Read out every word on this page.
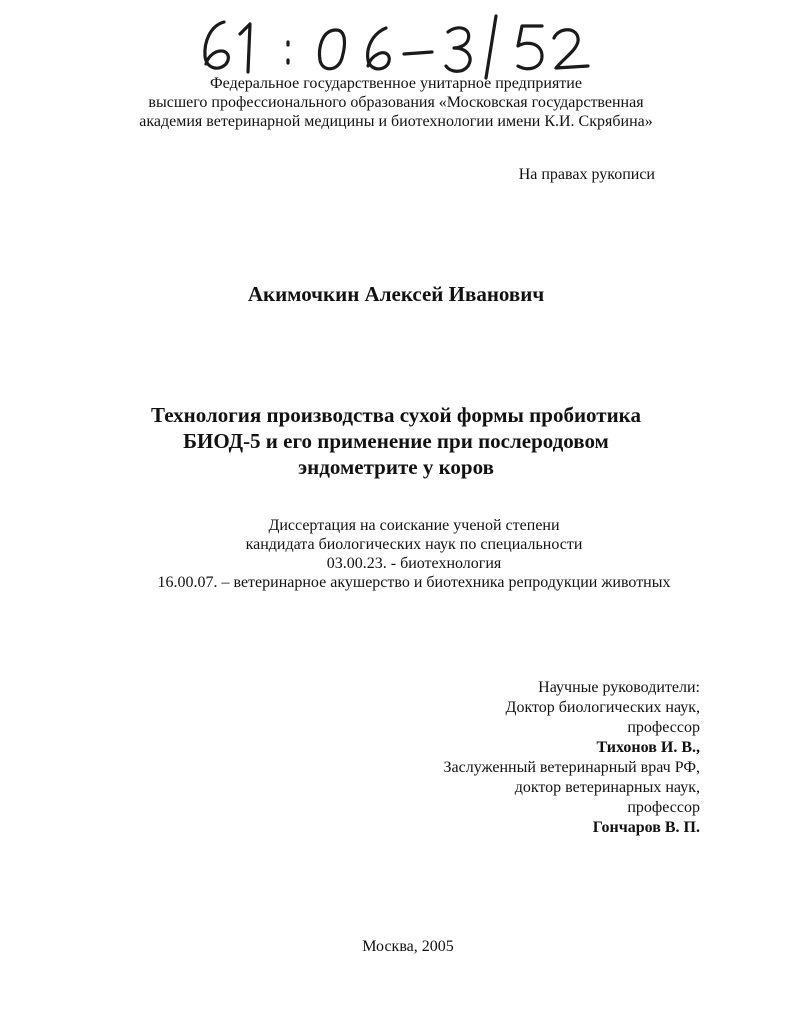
Федеральное государственное унитарное предприятие
высшего профессионального образования «Московская государственная
академия ветеринарной медицины и биотехнологии имени К.И. Скрябина»
На правах рукописи
Акимочкин Алексей Иванович
Технология производства сухой формы пробиотика
БИОД-5 и его применение при послеродовом
эндометрите у коров
Диссертация на соискание ученой степени
кандидата биологических наук по специальности
03.00.23. - биотехнология
16.00.07. – ветеринарное акушерство и биотехника репродукции животных
Научные руководители:
Доктор биологических наук,
профессор
Тихонов И. В.,
Заслуженный ветеринарный врач РФ,
доктор ветеринарных наук,
профессор
Гончаров В. П.
Москва, 2005
